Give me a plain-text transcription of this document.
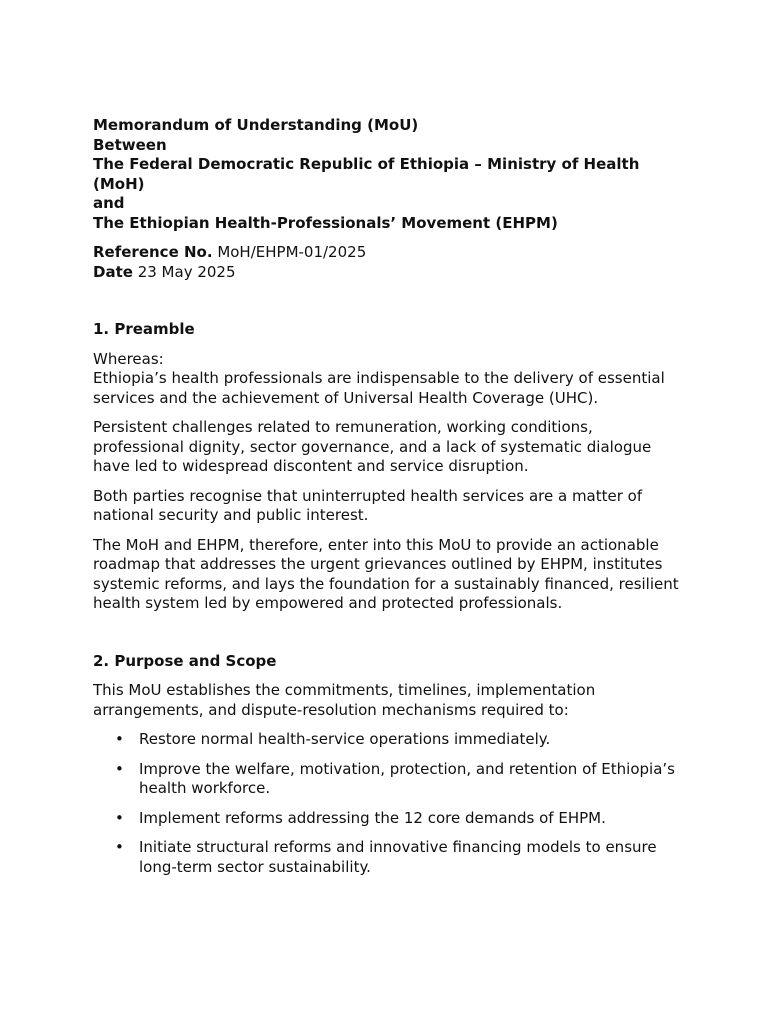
Memorandum of Understanding (MoU)
Between
The Federal Democratic Republic of Ethiopia – Ministry of Health (MoH)
and
The Ethiopian Health-Professionals’ Movement (EHPM)
Reference No. MoH/EHPM-01/2025
Date 23 May 2025
1. Preamble

Whereas:
Ethiopia’s health professionals are indispensable to the delivery of essential services and the achievement of Universal Health Coverage (UHC).

Persistent challenges related to remuneration, working conditions, professional dignity, sector governance, and a lack of systematic dialogue have led to widespread discontent and service disruption.

Both parties recognise that uninterrupted health services are a matter of national security and public interest.

The MoH and EHPM, therefore, enter into this MoU to provide an actionable roadmap that addresses the urgent grievances outlined by EHPM, institutes systemic reforms, and lays the foundation for a sustainably financed, resilient health system led by empowered and protected professionals.

2. Purpose and Scope

This MoU establishes the commitments, timelines, implementation arrangements, and dispute-resolution mechanisms required to:

• Restore normal health-service operations immediately.
• Improve the welfare, motivation, protection, and retention of Ethiopia’s health workforce.
• Implement reforms addressing the 12 core demands of EHPM.
• Initiate structural reforms and innovative financing models to ensure long-term sector sustainability.
